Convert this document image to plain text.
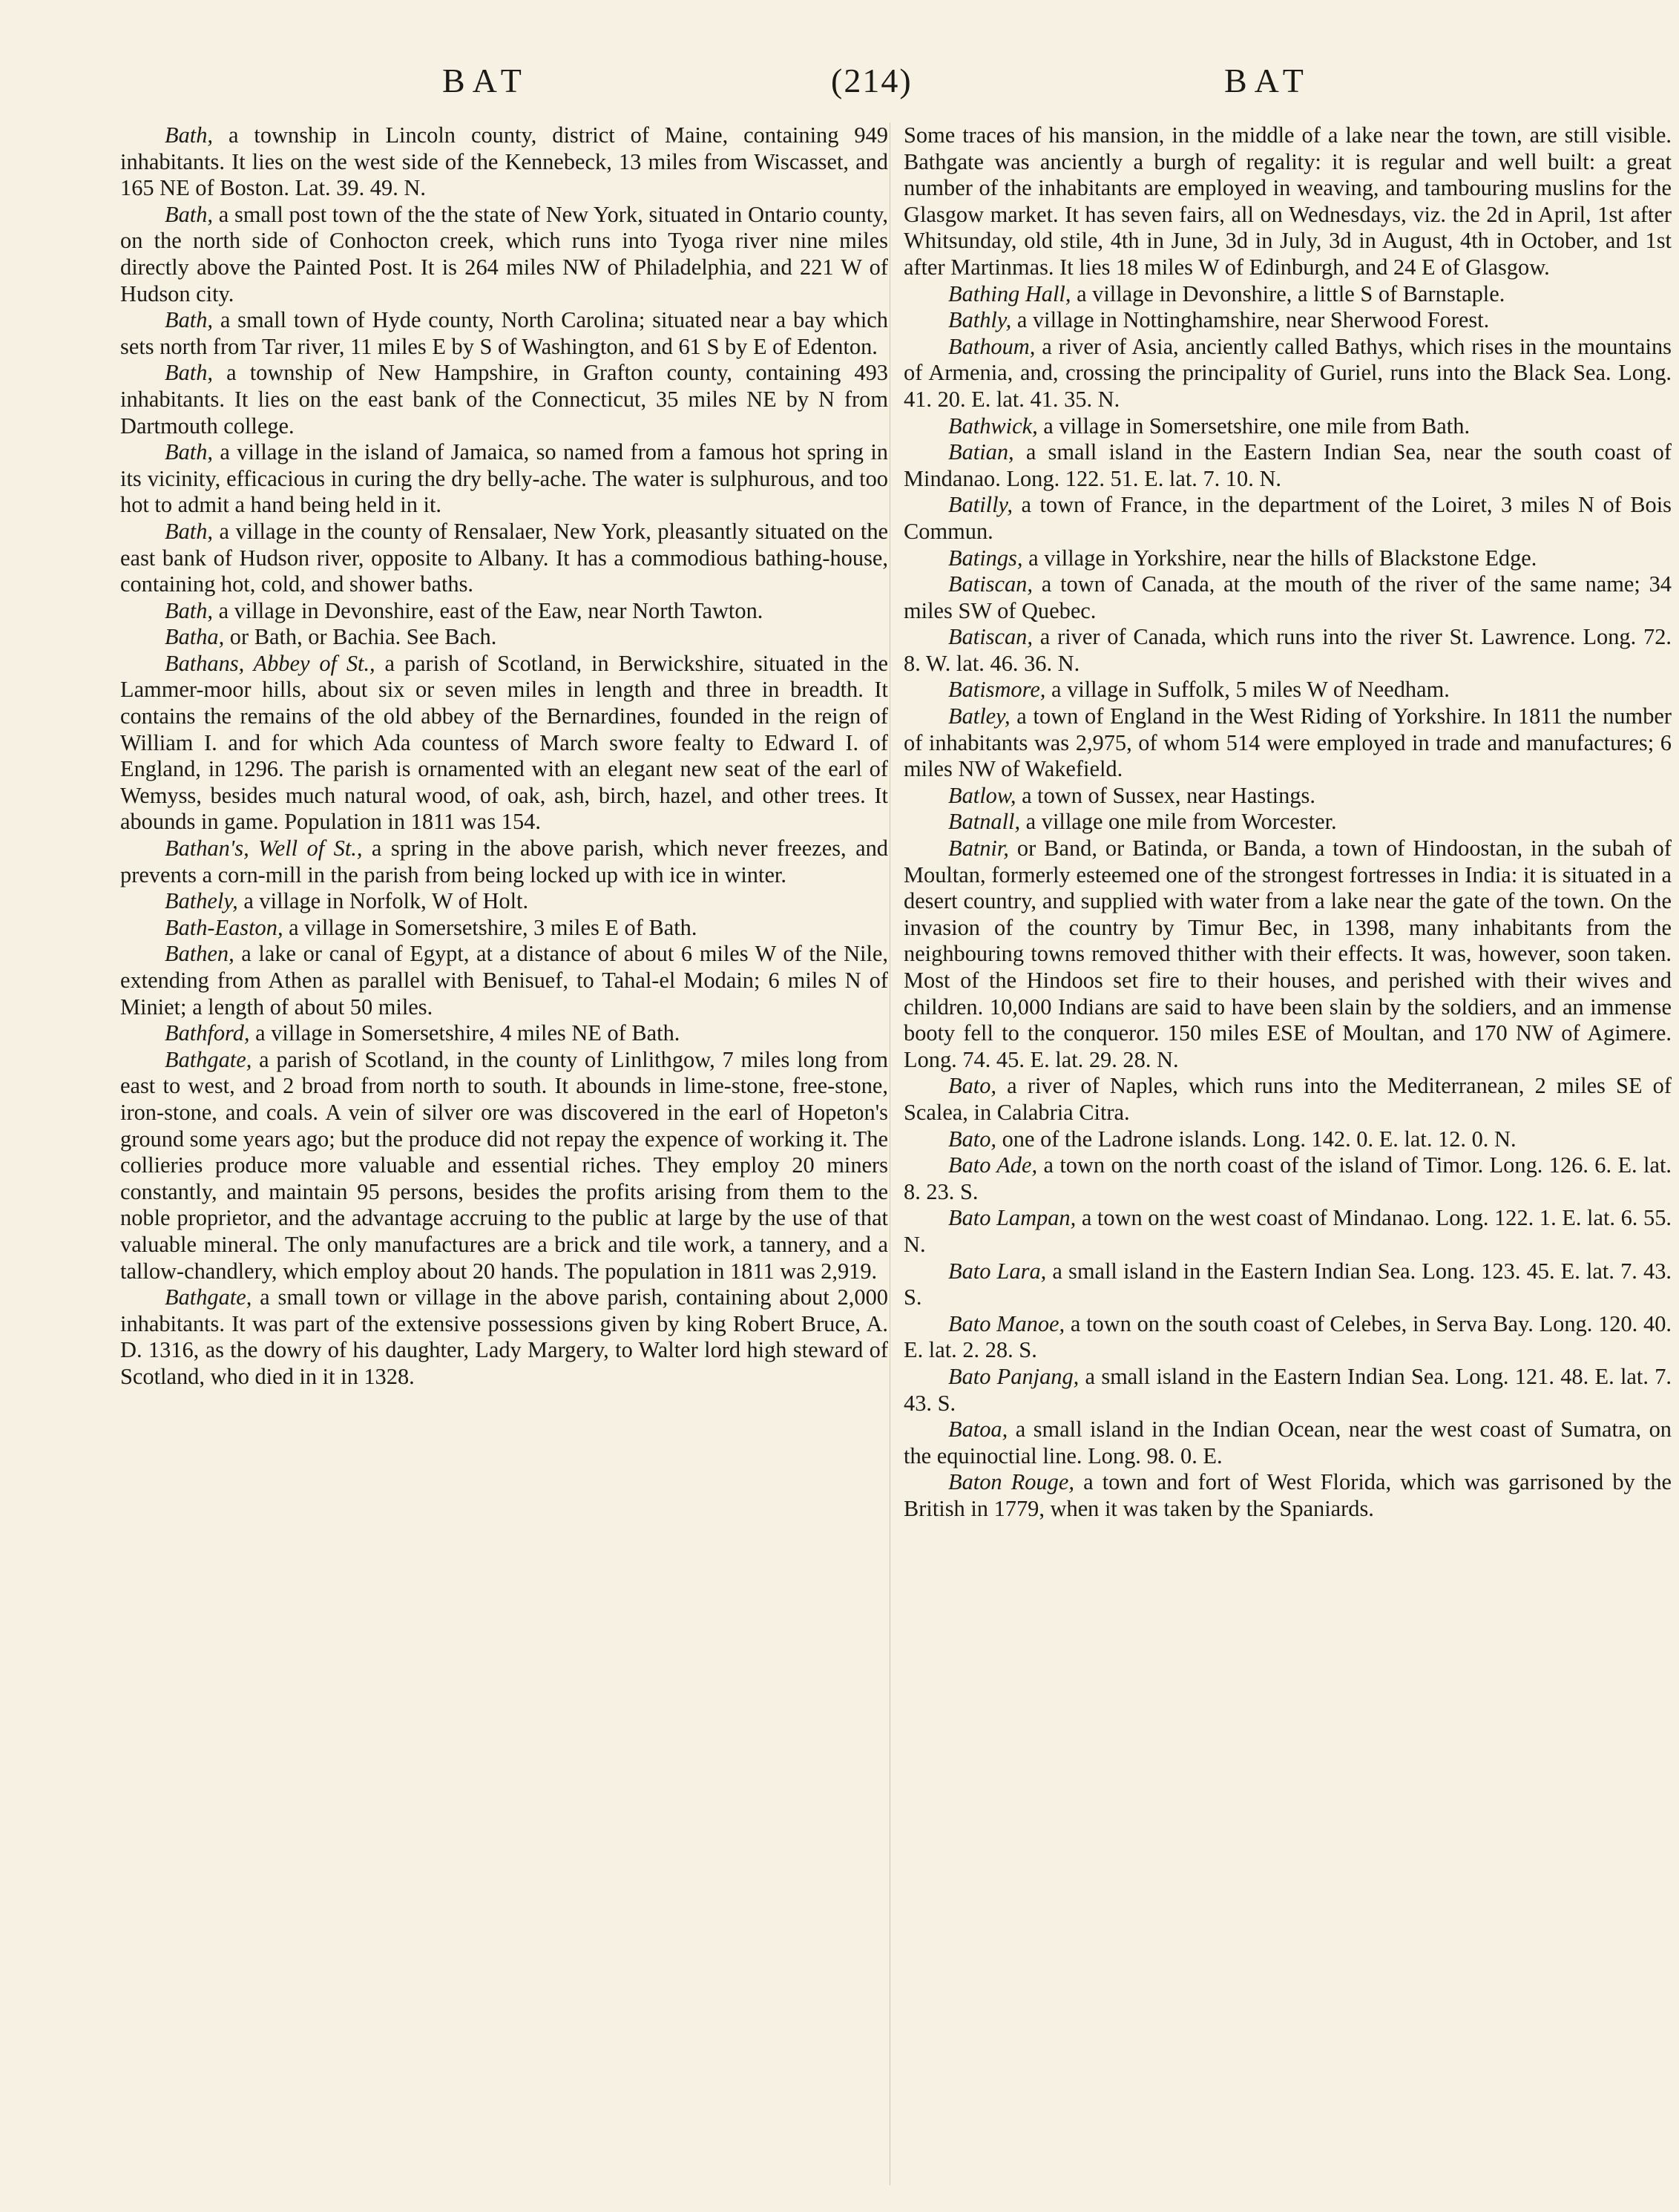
BAT	(214)	BAT

Bath, a township in Lincoln county, district of Maine, containing 949 inhabitants. It lies on the west side of the Kennebeck, 13 miles from Wiscasset, and 165 NE of Boston. Lat. 39. 49. N.

Bath, a small post town of the the state of New York, situated in Ontario county, on the north side of Conhocton creek, which runs into Tyoga river nine miles directly above the Painted Post. It is 264 miles NW of Philadelphia, and 221 W of Hudson city.

Bath, a small town of Hyde county, North Carolina; situated near a bay which sets north from Tar river, 11 miles E by S of Washington, and 61 S by E of Edenton.

Bath, a township of New Hampshire, in Grafton county, containing 493 inhabitants. It lies on the east bank of the Connecticut, 35 miles NE by N from Dartmouth college.

Bath, a village in the island of Jamaica, so named from a famous hot spring in its vicinity, efficacious in curing the dry belly-ache. The water is sulphurous, and too hot to admit a hand being held in it.

Bath, a village in the county of Rensalaer, New York, pleasantly situated on the east bank of Hudson river, opposite to Albany. It has a commodious bathing-house, containing hot, cold, and shower baths.

Bath, a village in Devonshire, east of the Eaw, near North Tawton.

Batha, or Bath, or Bachia. See Bach.

Bathans, Abbey of St., a parish of Scotland, in Berwickshire, situated in the Lammer-moor hills, about six or seven miles in length and three in breadth. It contains the remains of the old abbey of the Bernardines, founded in the reign of William I. and for which Ada countess of March swore fealty to Edward I. of England, in 1296. The parish is ornamented with an elegant new seat of the earl of Wemyss, besides much natural wood, of oak, ash, birch, hazel, and other trees. It abounds in game. Population in 1811 was 154.

Bathan's, Well of St., a spring in the above parish, which never freezes, and prevents a corn-mill in the parish from being locked up with ice in winter.

Bathely, a village in Norfolk, W of Holt.

Bath-Easton, a village in Somersetshire, 3 miles E of Bath.

Bathen, a lake or canal of Egypt, at a distance of about 6 miles W of the Nile, extending from Athen as parallel with Benisuef, to Tahal-el Modain; 6 miles N of Miniet; a length of about 50 miles.

Bathford, a village in Somersetshire, 4 miles NE of Bath.

Bathgate, a parish of Scotland, in the county of Linlithgow, 7 miles long from east to west, and 2 broad from north to south. It abounds in lime-stone, free-stone, iron-stone, and coals. A vein of silver ore was discovered in the earl of Hopeton's ground some years ago; but the produce did not repay the expence of working it. The collieries produce more valuable and essential riches. They employ 20 miners constantly, and maintain 95 persons, besides the profits arising from them to the noble proprietor, and the advantage accruing to the public at large by the use of that valuable mineral. The only manufactures are a brick and tile work, a tannery, and a tallow-chandlery, which employ about 20 hands. The population in 1811 was 2,919.

Bathgate, a small town or village in the above parish, containing about 2,000 inhabitants. It was part of the extensive possessions given by king Robert Bruce, A. D. 1316, as the dowry of his daughter, Lady Margery, to Walter lord high steward of Scotland, who died in it in 1328.

Some traces of his mansion, in the middle of a lake near the town, are still visible. Bathgate was anciently a burgh of regality: it is regular and well built: a great number of the inhabitants are employed in weaving, and tambouring muslins for the Glasgow market. It has seven fairs, all on Wednesdays, viz. the 2d in April, 1st after Whitsunday, old stile, 4th in June, 3d in July, 3d in August, 4th in October, and 1st after Martinmas. It lies 18 miles W of Edinburgh, and 24 E of Glasgow.

Bathing Hall, a village in Devonshire, a little S of Barnstaple.

Bathly, a village in Nottinghamshire, near Sherwood Forest.

Bathoum, a river of Asia, anciently called Bathys, which rises in the mountains of Armenia, and, crossing the principality of Guriel, runs into the Black Sea. Long. 41. 20. E. lat. 41. 35. N.

Bathwick, a village in Somersetshire, one mile from Bath.

Batian, a small island in the Eastern Indian Sea, near the south coast of Mindanao. Long. 122. 51. E. lat. 7. 10. N.

Batilly, a town of France, in the department of the Loiret, 3 miles N of Bois Commun.

Batings, a village in Yorkshire, near the hills of Blackstone Edge.

Batiscan, a town of Canada, at the mouth of the river of the same name; 34 miles SW of Quebec.

Batiscan, a river of Canada, which runs into the river St. Lawrence. Long. 72. 8. W. lat. 46. 36. N.

Batismore, a village in Suffolk, 5 miles W of Needham.

Batley, a town of England in the West Riding of Yorkshire. In 1811 the number of inhabitants was 2,975, of whom 514 were employed in trade and manufactures; 6 miles NW of Wakefield.

Batlow, a town of Sussex, near Hastings.

Batnall, a village one mile from Worcester.

Batnir, or Band, or Batinda, or Banda, a town of Hindoostan, in the subah of Moultan, formerly esteemed one of the strongest fortresses in India: it is situated in a desert country, and supplied with water from a lake near the gate of the town. On the invasion of the country by Timur Bec, in 1398, many inhabitants from the neighbouring towns removed thither with their effects. It was, however, soon taken. Most of the Hindoos set fire to their houses, and perished with their wives and children. 10,000 Indians are said to have been slain by the soldiers, and an immense booty fell to the conqueror. 150 miles ESE of Moultan, and 170 NW of Agimere. Long. 74. 45. E. lat. 29. 28. N.

Bato, a river of Naples, which runs into the Mediterranean, 2 miles SE of Scalea, in Calabria Citra.

Bato, one of the Ladrone islands. Long. 142. 0. E. lat. 12. 0. N.

Bato Ade, a town on the north coast of the island of Timor. Long. 126. 6. E. lat. 8. 23. S.

Bato Lampan, a town on the west coast of Mindanao. Long. 122. 1. E. lat. 6. 55. N.

Bato Lara, a small island in the Eastern Indian Sea. Long. 123. 45. E. lat. 7. 43. S.

Bato Manoe, a town on the south coast of Celebes, in Serva Bay. Long. 120. 40. E. lat. 2. 28. S.

Bato Panjang, a small island in the Eastern Indian Sea. Long. 121. 48. E. lat. 7. 43. S.

Batoa, a small island in the Indian Ocean, near the west coast of Sumatra, on the equinoctial line. Long. 98. 0. E.

Baton Rouge, a town and fort of West Florida, which was garrisoned by the British in 1779, when it was taken by the Spaniards.
